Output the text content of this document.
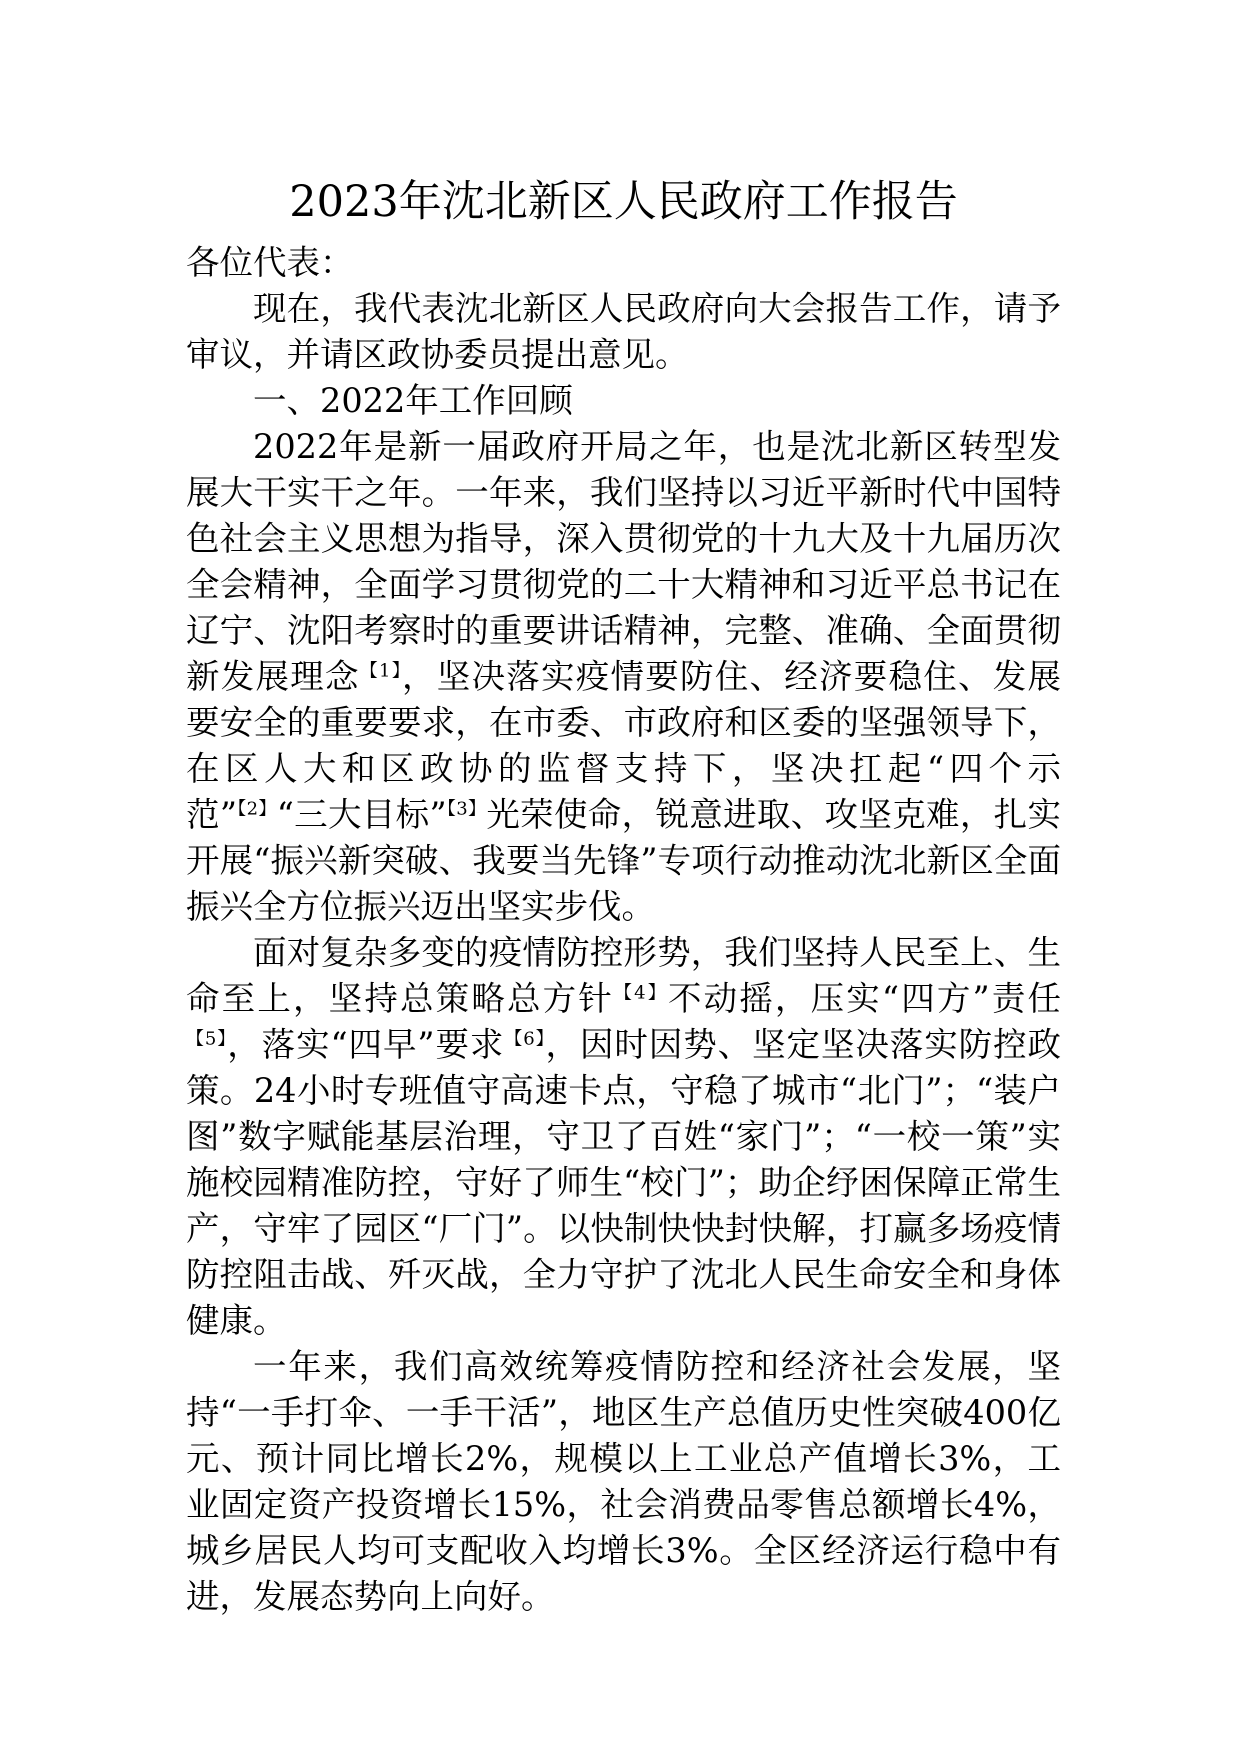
2023年沈北新区人民政府工作报告

各位代表：

现在，我代表沈北新区人民政府向大会报告工作，请予审议，并请区政协委员提出意见。

一、2022年工作回顾

2022年是新一届政府开局之年，也是沈北新区转型发展大干实干之年。一年来，我们坚持以习近平新时代中国特色社会主义思想为指导，深入贯彻党的十九大及十九届历次全会精神，全面学习贯彻党的二十大精神和习近平总书记在辽宁、沈阳考察时的重要讲话精神，完整、准确、全面贯彻新发展理念$^{【1】}$，坚决落实疫情要防住、经济要稳住、发展要安全的重要要求，在市委、市政府和区委的坚强领导下，在区人大和区政协的监督支持下，坚决扛起“四个示范”$^{【2】}$“三大目标”$^{【3】}$光荣使命，锐意进取、攻坚克难，扎实开展“振兴新突破、我要当先锋”专项行动推动沈北新区全面振兴全方位振兴迈出坚实步伐。

面对复杂多变的疫情防控形势，我们坚持人民至上、生命至上，坚持总策略总方针$^{【4】}$不动摇，压实“四方”责任$^{【5】}$，落实“四早”要求$^{【6】}$，因时因势、坚定坚决落实防控政策。24小时专班值守高速卡点，守稳了城市“北门”；“装户图”数字赋能基层治理，守卫了百姓“家门”；“一校一策”实施校园精准防控，守好了师生“校门”；助企纾困保障正常生产，守牢了园区“厂门”。以快制快快封快解，打赢多场疫情防控阻击战、歼灭战，全力守护了沈北人民生命安全和身体健康。

一年来，我们高效统筹疫情防控和经济社会发展，坚持“一手打伞、一手干活”，地区生产总值历史性突破400亿元、预计同比增长2%，规模以上工业总产值增长3%，工业固定资产投资增长15%，社会消费品零售总额增长4%，城乡居民人均可支配收入均增长3%。全区经济运行稳中有进，发展态势向上向好。
